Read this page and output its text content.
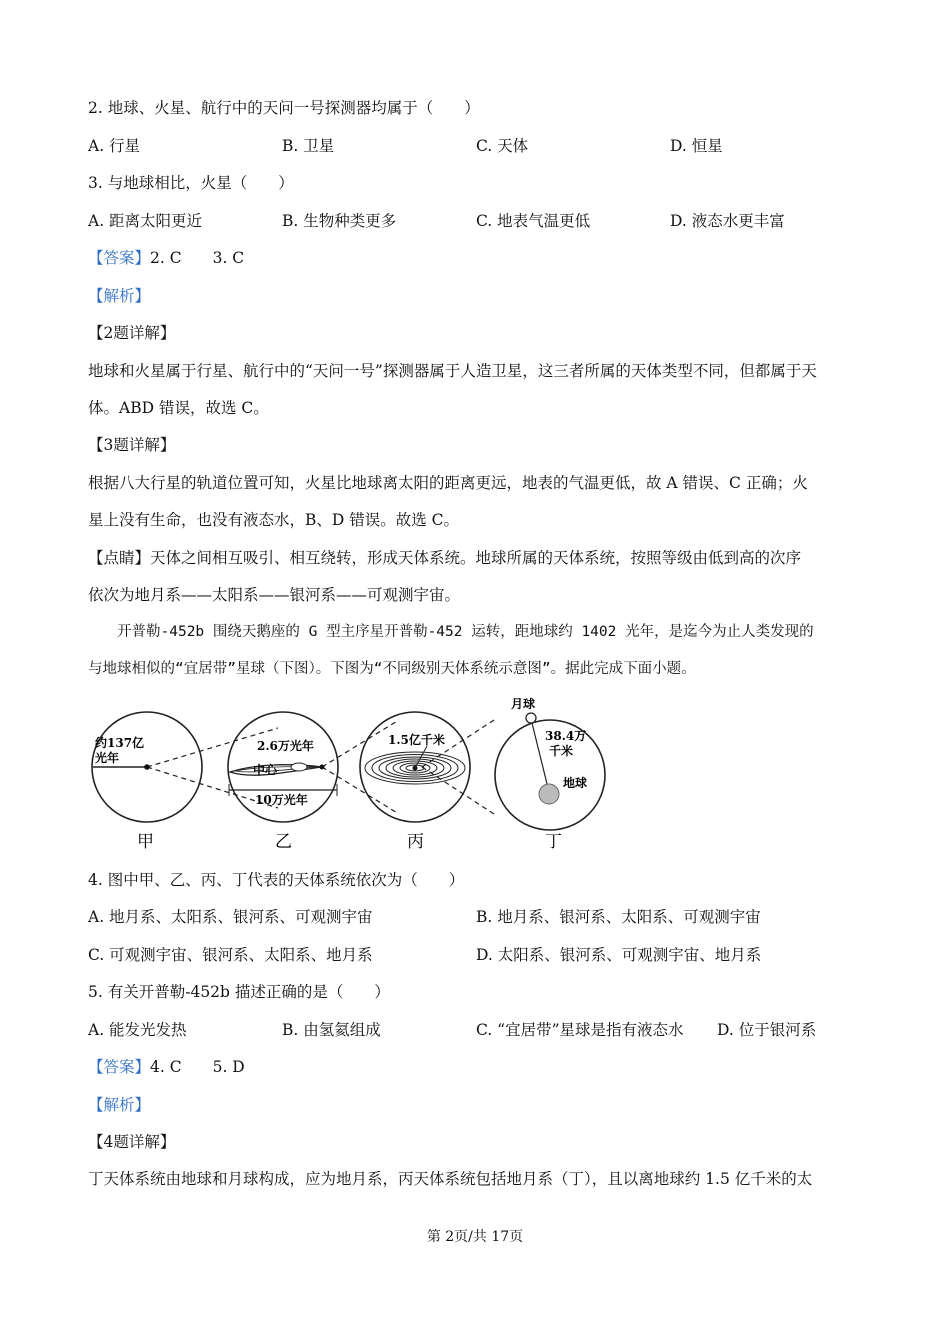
2. 地球、火星、航行中的天问一号探测器均属于（　　）
A. 行星	B. 卫星	C. 天体	D. 恒星
3. 与地球相比，火星（　　）
A. 距离太阳更近	B. 生物种类更多	C. 地表气温更低	D. 液态水更丰富
【答案】2. C　　3. C
【解析】
【2题详解】
地球和火星属于行星、航行中的“天问一号”探测器属于人造卫星，这三者所属的天体类型不同，但都属于天
体。ABD 错误，故选 C。
【3题详解】
根据八大行星的轨道位置可知，火星比地球离太阳的距离更远，地表的气温更低，故 A 错误、C 正确；火
星上没有生命，也没有液态水，B、D 错误。故选 C。
【点睛】天体之间相互吸引、相互绕转，形成天体系统。地球所属的天体系统，按照等级由低到高的次序
依次为地月系——太阳系——银河系——可观测宇宙。
　　开普勒-452b 围绕天鹅座的 G 型主序星开普勒-452 运转，距地球约 1402 光年，是迄今为止人类发现的
与地球相似的“宜居带”星球（下图）。下图为“不同级别天体系统示意图”。据此完成下面小题。
约137亿
光年
甲
2.6万光年
中心
10万光年
乙
1.5亿千米
丙
月球
38.4万
千米
地球
丁
4. 图中甲、乙、丙、丁代表的天体系统依次为（　　）
A. 地月系、太阳系、银河系、可观测宇宙	B. 地月系、银河系、太阳系、可观测宇宙
C. 可观测宇宙、银河系、太阳系、地月系	D. 太阳系、银河系、可观测宇宙、地月系
5. 有关开普勒-452b 描述正确的是（　　）
A. 能发光发热	B. 由氢氦组成	C. “宜居带”星球是指有液态水 D. 位于银河系
【答案】4. C　　5. D
【解析】
【4题详解】
丁天体系统由地球和月球构成，应为地月系，丙天体系统包括地月系（丁），且以离地球约 1.5 亿千米的太
第 2页/共 17页
